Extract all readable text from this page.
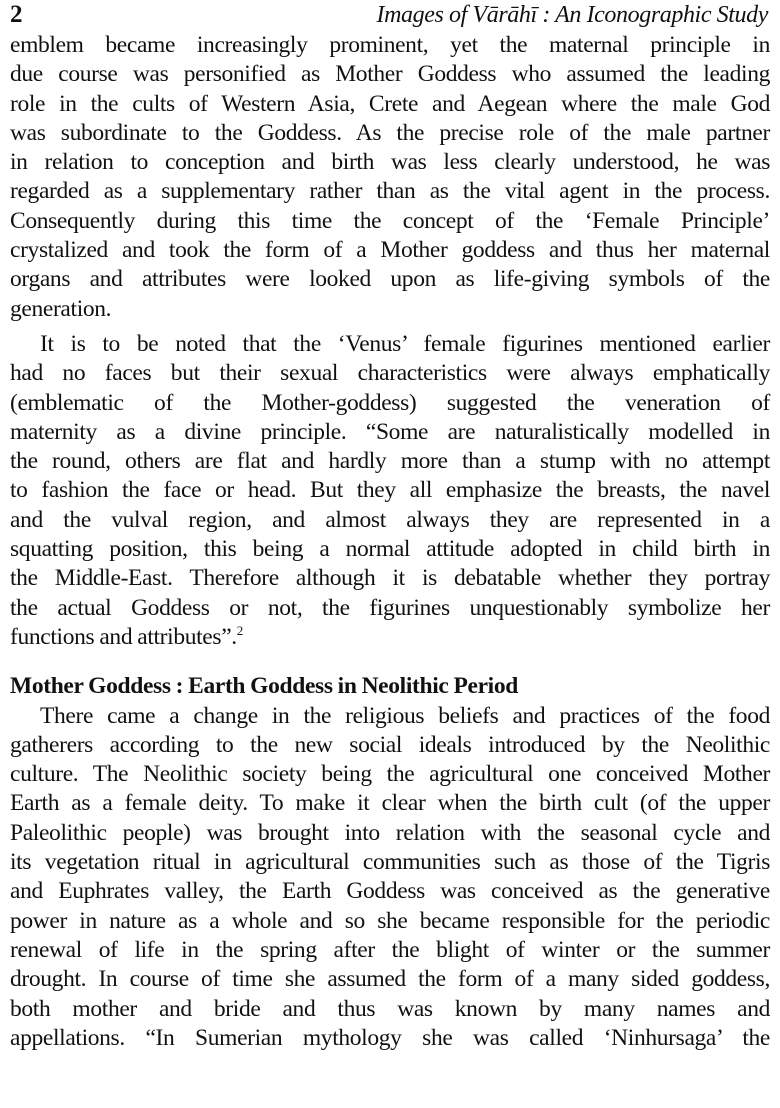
2	Images of Vārāhī : An Iconographic Study
emblem became increasingly prominent, yet the maternal principle in
due course was personified as Mother Goddess who assumed the leading
role in the cults of Western Asia, Crete and Aegean where the male God
was subordinate to the Goddess. As the precise role of the male partner
in relation to conception and birth was less clearly understood, he was
regarded as a supplementary rather than as the vital agent in the process.
Consequently during this time the concept of the ‘Female Principle’
crystalized and took the form of a Mother goddess and thus her maternal
organs and attributes were looked upon as life-giving symbols of the
generation.
It is to be noted that the ‘Venus’ female figurines mentioned earlier
had no faces but their sexual characteristics were always emphatically
(emblematic of the Mother-goddess) suggested the veneration of
maternity as a divine principle. “Some are naturalistically modelled in
the round, others are flat and hardly more than a stump with no attempt
to fashion the face or head. But they all emphasize the breasts, the navel
and the vulval region, and almost always they are represented in a
squatting position, this being a normal attitude adopted in child birth in
the Middle-East. Therefore although it is debatable whether they portray
the actual Goddess or not, the figurines unquestionably symbolize her
functions and attributes”.$^2$
Mother Goddess : Earth Goddess in Neolithic Period
There came a change in the religious beliefs and practices of the food
gatherers according to the new social ideals introduced by the Neolithic
culture. The Neolithic society being the agricultural one conceived Mother
Earth as a female deity. To make it clear when the birth cult (of the upper
Paleolithic people) was brought into relation with the seasonal cycle and
its vegetation ritual in agricultural communities such as those of the Tigris
and Euphrates valley, the Earth Goddess was conceived as the generative
power in nature as a whole and so she became responsible for the periodic
renewal of life in the spring after the blight of winter or the summer
drought. In course of time she assumed the form of a many sided goddess,
both mother and bride and thus was known by many names and
appellations. “In Sumerian mythology she was called ‘Ninhursaga’ the
